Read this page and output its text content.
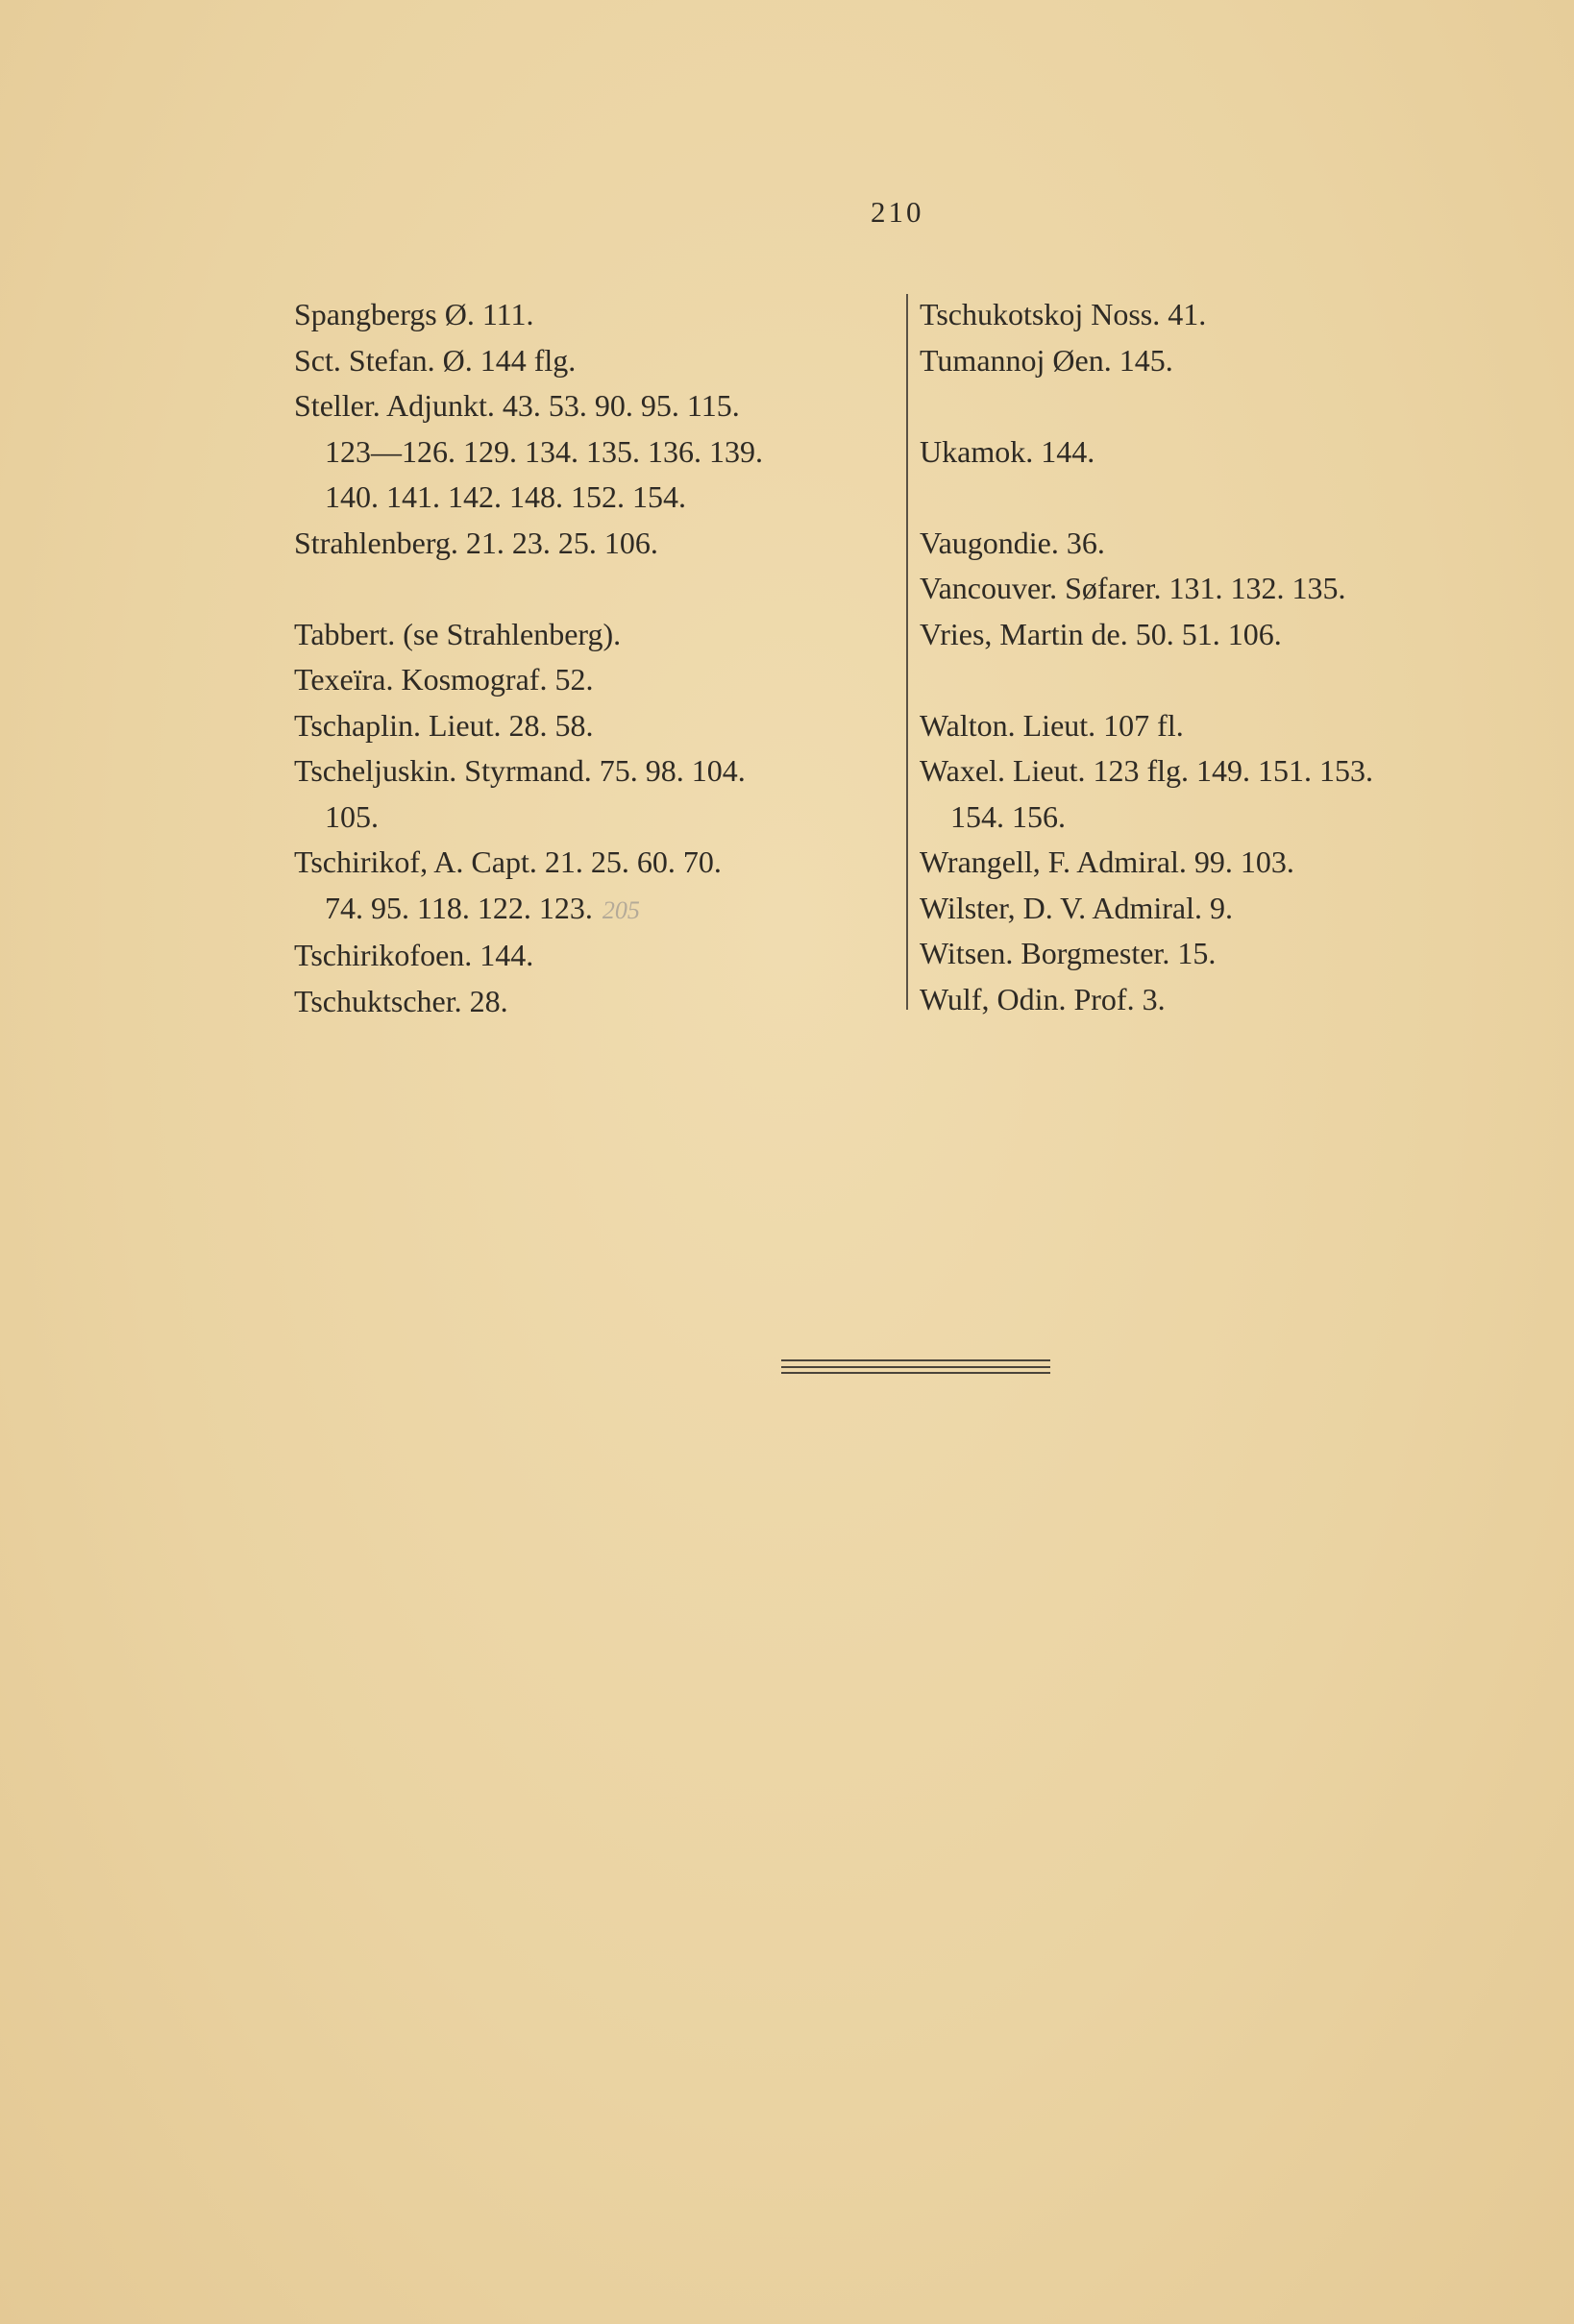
210
Spangbergs Ø. 111.
Sct. Stefan. Ø. 144 flg.
Steller. Adjunkt. 43. 53. 90. 95. 115.
123—126. 129. 134. 135. 136. 139.
140. 141. 142. 148. 152. 154.
Strahlenberg. 21. 23. 25. 106.
Tabbert. (se Strahlenberg).
Texeïra. Kosmograf. 52.
Tschaplin. Lieut. 28. 58.
Tscheljuskin. Styrmand. 75. 98. 104.
105.
Tschirikof, A. Capt. 21. 25. 60. 70.
74. 95. 118. 122. 123. 205
Tschirikofoen. 144.
Tschuktscher. 28.
Tschukotskoj Noss. 41.
Tumannoj Øen. 145.
Ukamok. 144.
Vaugondie. 36.
Vancouver. Søfarer. 131. 132. 135.
Vries, Martin de. 50. 51. 106.
Walton. Lieut. 107 fl.
Waxel. Lieut. 123 flg. 149. 151. 153.
154. 156.
Wrangell, F. Admiral. 99. 103.
Wilster, D. V. Admiral. 9.
Witsen. Borgmester. 15.
Wulf, Odin. Prof. 3.
